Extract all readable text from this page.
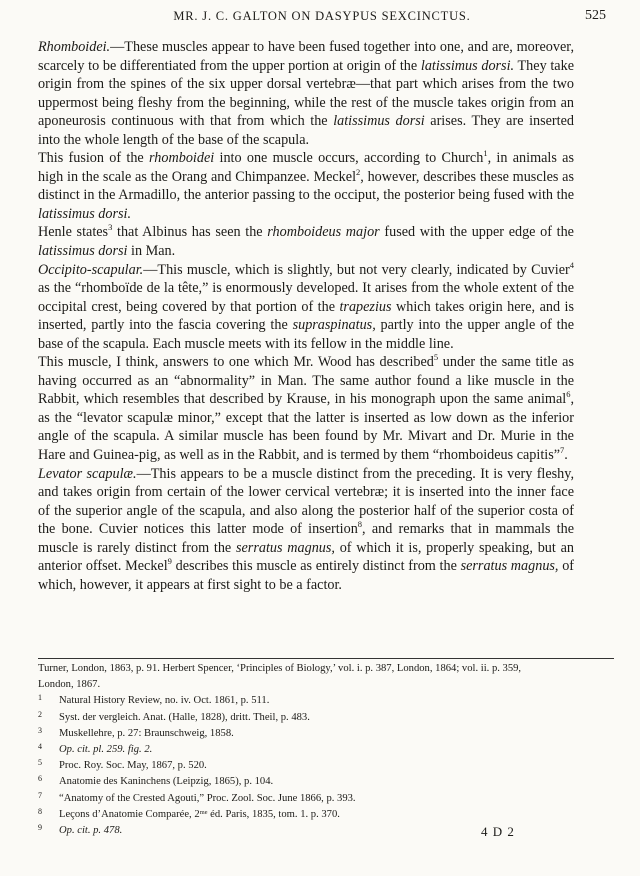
MR. J. C. GALTON ON DASYPUS SEXCINCTUS.	525

Rhomboidei.—These muscles appear to have been fused together into one, and are, moreover, scarcely to be differentiated from the upper portion at origin of the latissimus dorsi. They take origin from the spines of the six upper dorsal vertebræ—that part which arises from the two uppermost being fleshy from the beginning, while the rest of the muscle takes origin from an aponeurosis continuous with that from which the latissimus dorsi arises. They are inserted into the whole length of the base of the scapula.

This fusion of the rhomboidei into one muscle occurs, according to Church$^1$, in animals as high in the scale as the Orang and Chimpanzee. Meckel$^2$, however, describes these muscles as distinct in the Armadillo, the anterior passing to the occiput, the posterior being fused with the latissimus dorsi.

Henle states$^3$ that Albinus has seen the rhomboideus major fused with the upper edge of the latissimus dorsi in Man.

Occipito-scapular.—This muscle, which is slightly, but not very clearly, indicated by Cuvier$^4$ as the “rhomboïde de la tête,” is enormously developed. It arises from the whole extent of the occipital crest, being covered by that portion of the trapezius which takes origin here, and is inserted, partly into the fascia covering the supraspinatus, partly into the upper angle of the base of the scapula. Each muscle meets with its fellow in the middle line.

This muscle, I think, answers to one which Mr. Wood has described$^5$ under the same title as having occurred as an “abnormality” in Man. The same author found a like muscle in the Rabbit, which resembles that described by Krause, in his monograph upon the same animal$^6$, as the “levator scapulæ minor,” except that the latter is inserted as low down as the inferior angle of the scapula. A similar muscle has been found by Mr. Mivart and Dr. Murie in the Hare and Guinea-pig, as well as in the Rabbit, and is termed by them “rhomboideus capitis”$^7$.

Levator scapulæ.—This appears to be a muscle distinct from the preceding. It is very fleshy, and takes origin from certain of the lower cervical vertebræ; it is inserted into the inner face of the superior angle of the scapula, and also along the posterior half of the superior costa of the bone. Cuvier notices this latter mode of insertion$^8$, and remarks that in mammals the muscle is rarely distinct from the serratus magnus, of which it is, properly speaking, but an anterior offset. Meckel$^9$ describes this muscle as entirely distinct from the serratus magnus, of which, however, it appears at first sight to be a factor.

Turner, London, 1863, p. 91. Herbert Spencer, ‘Principles of Biology,’ vol. i. p. 387, London, 1864; vol. ii. p. 359,
London, 1867.
1 Natural History Review, no. iv. Oct. 1861, p. 511.
2 Syst. der vergleich. Anat. (Halle, 1828), dritt. Theil, p. 483.
3 Muskellehre, p. 27: Braunschweig, 1858.
4 Op. cit. pl. 259. fig. 2.
5 Proc. Roy. Soc. May, 1867, p. 520.
6 Anatomie des Kaninchens (Leipzig, 1865), p. 104.
7 “Anatomy of the Crested Agouti,” Proc. Zool. Soc. June 1866, p. 393.
8 Leçons d’Anatomie Comparée, 2ᵐᵉ éd. Paris, 1835, tom. 1. p. 370.
9 Op. cit. p. 478.	4 D 2
